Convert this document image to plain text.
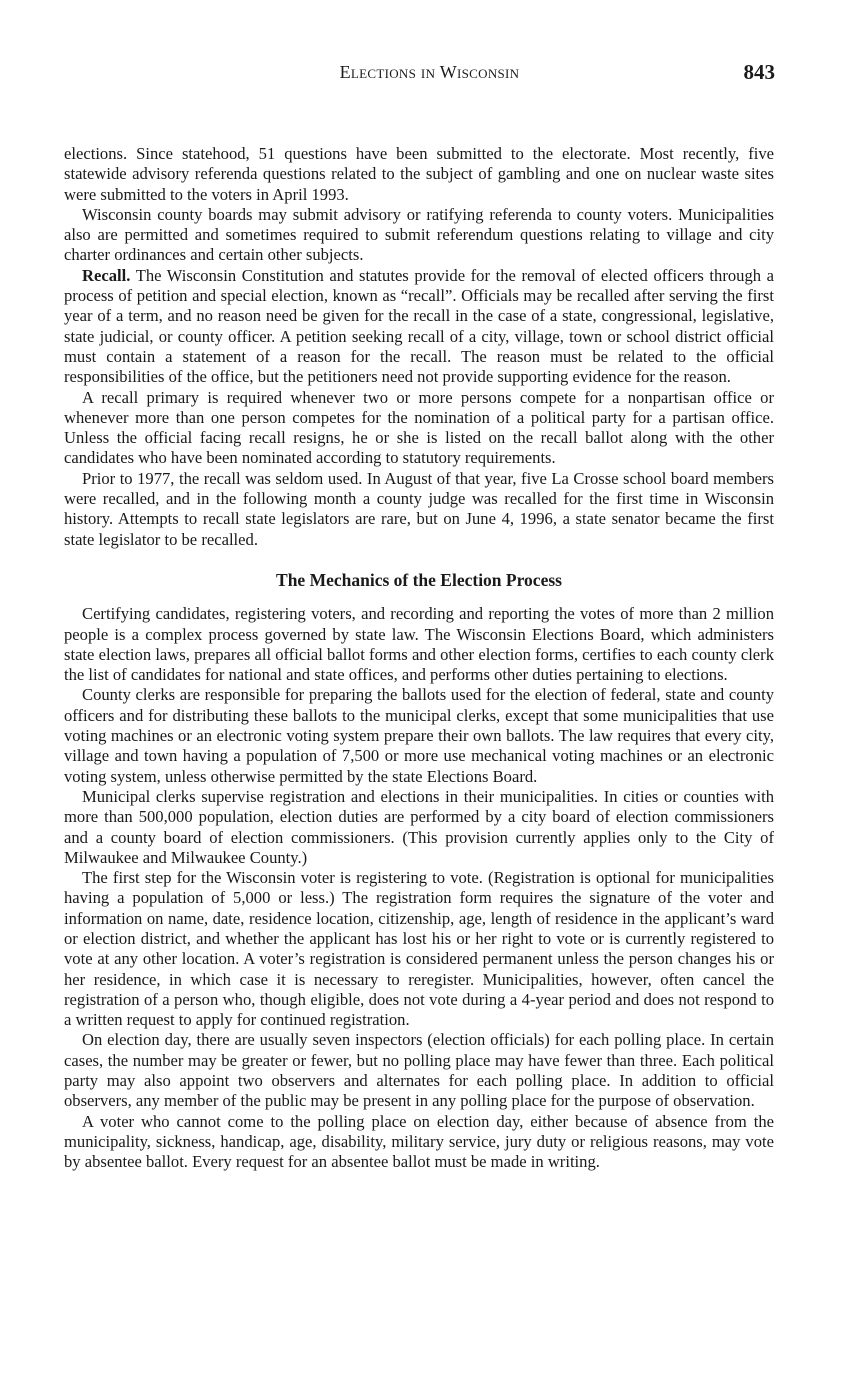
Elections in Wisconsin	843

elections. Since statehood, 51 questions have been submitted to the electorate. Most recently, five statewide advisory referenda questions related to the subject of gambling and one on nuclear waste sites were submitted to the voters in April 1993.

Wisconsin county boards may submit advisory or ratifying referenda to county voters. Municipalities also are permitted and sometimes required to submit referendum questions relating to village and city charter ordinances and certain other subjects.

Recall. The Wisconsin Constitution and statutes provide for the removal of elected officers through a process of petition and special election, known as “recall”. Officials may be recalled after serving the first year of a term, and no reason need be given for the recall in the case of a state, congressional, legislative, state judicial, or county officer. A petition seeking recall of a city, village, town or school district official must contain a statement of a reason for the recall. The reason must be related to the official responsibilities of the office, but the petitioners need not provide supporting evidence for the reason.

A recall primary is required whenever two or more persons compete for a nonpartisan office or whenever more than one person competes for the nomination of a political party for a partisan office. Unless the official facing recall resigns, he or she is listed on the recall ballot along with the other candidates who have been nominated according to statutory requirements.

Prior to 1977, the recall was seldom used. In August of that year, five La Crosse school board members were recalled, and in the following month a county judge was recalled for the first time in Wisconsin history. Attempts to recall state legislators are rare, but on June 4, 1996, a state senator became the first state legislator to be recalled.

The Mechanics of the Election Process

Certifying candidates, registering voters, and recording and reporting the votes of more than 2 million people is a complex process governed by state law. The Wisconsin Elections Board, which administers state election laws, prepares all official ballot forms and other election forms, certifies to each county clerk the list of candidates for national and state offices, and performs other duties pertaining to elections.

County clerks are responsible for preparing the ballots used for the election of federal, state and county officers and for distributing these ballots to the municipal clerks, except that some municipalities that use voting machines or an electronic voting system prepare their own ballots. The law requires that every city, village and town having a population of 7,500 or more use mechanical voting machines or an electronic voting system, unless otherwise permitted by the state Elections Board.

Municipal clerks supervise registration and elections in their municipalities. In cities or counties with more than 500,000 population, election duties are performed by a city board of election commissioners and a county board of election commissioners. (This provision currently applies only to the City of Milwaukee and Milwaukee County.)

The first step for the Wisconsin voter is registering to vote. (Registration is optional for municipalities having a population of 5,000 or less.) The registration form requires the signature of the voter and information on name, date, residence location, citizenship, age, length of residence in the applicant’s ward or election district, and whether the applicant has lost his or her right to vote or is currently registered to vote at any other location. A voter’s registration is considered permanent unless the person changes his or her residence, in which case it is necessary to reregister. Municipalities, however, often cancel the registration of a person who, though eligible, does not vote during a 4-year period and does not respond to a written request to apply for continued registration.

On election day, there are usually seven inspectors (election officials) for each polling place. In certain cases, the number may be greater or fewer, but no polling place may have fewer than three. Each political party may also appoint two observers and alternates for each polling place. In addition to official observers, any member of the public may be present in any polling place for the purpose of observation.

A voter who cannot come to the polling place on election day, either because of absence from the municipality, sickness, handicap, age, disability, military service, jury duty or religious reasons, may vote by absentee ballot. Every request for an absentee ballot must be made in writing.
